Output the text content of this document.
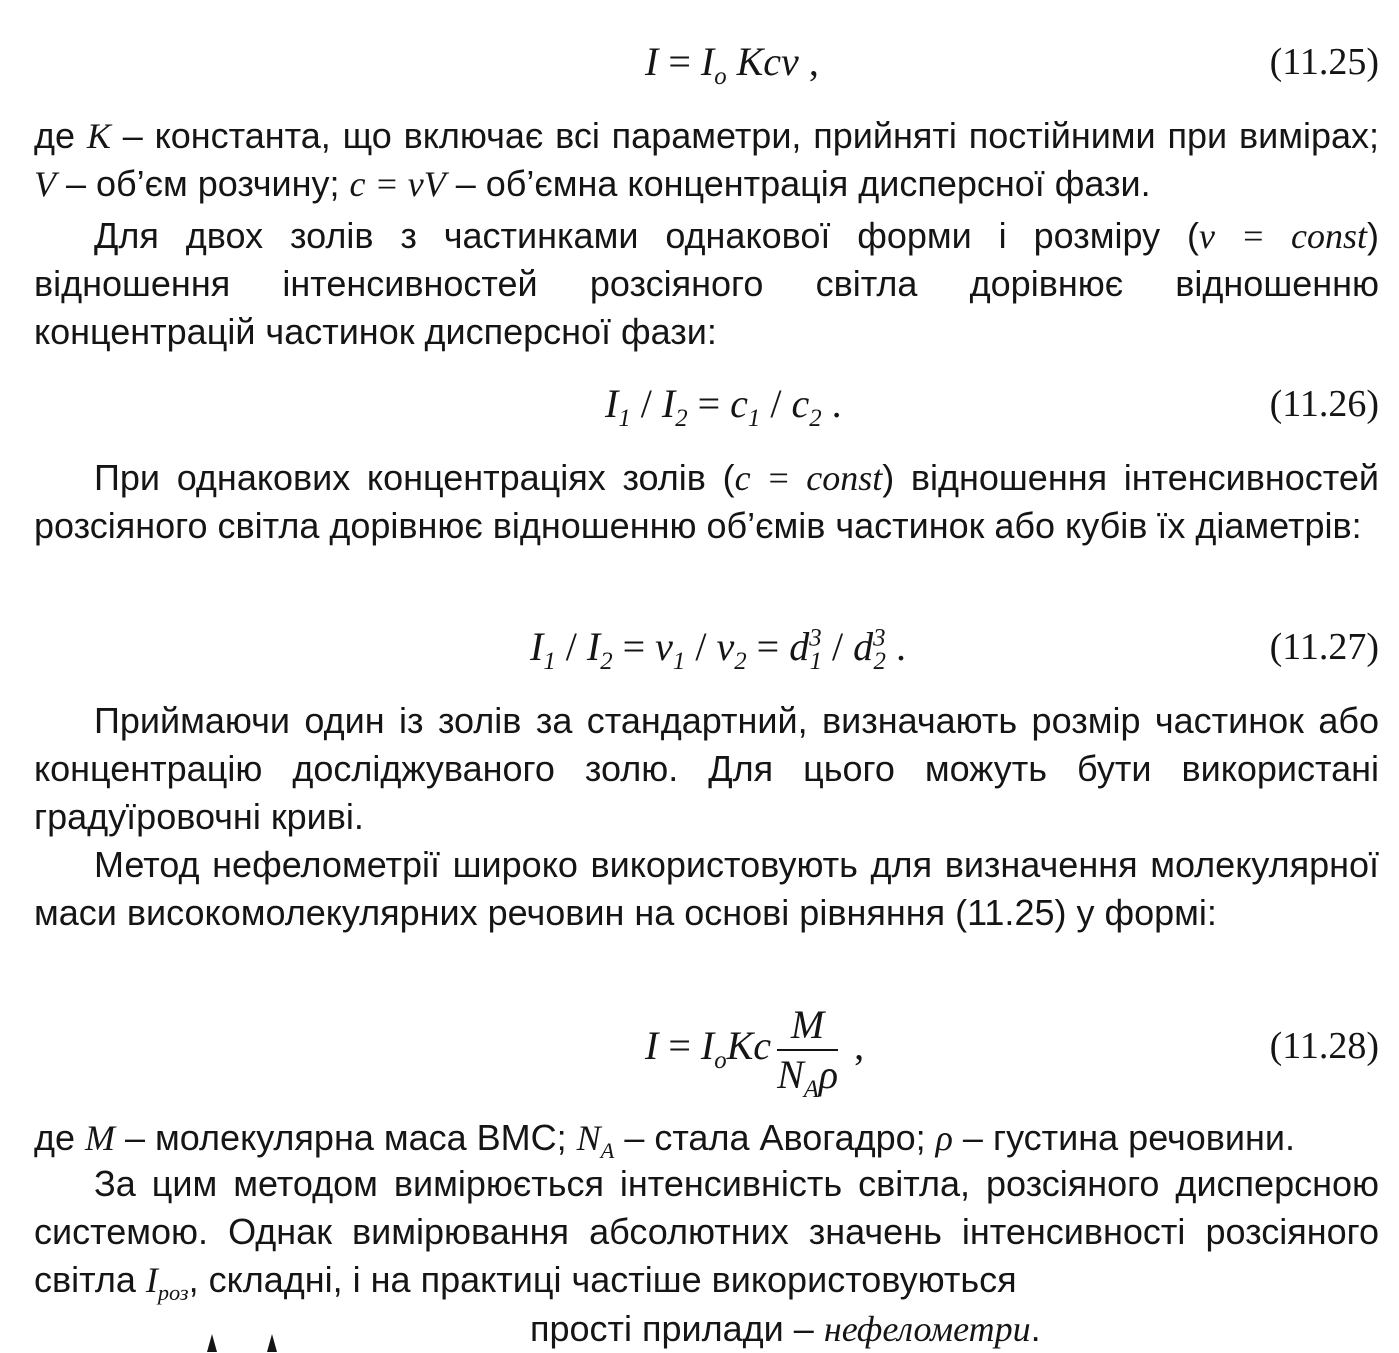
$I = I_o$ Kcv ,	(11.25)
де K – константа, що включає всі параметри, прийняті постійними при вимірах; V – об’єм розчину; c = vV – об’ємна концентрація дисперсної фази.
Для двох золів з частинками однакової форми і розміру (v = const) відношення інтенсивностей розсіяного світла дорівнює відношенню концентрацій частинок дисперсної фази:
$I_1 / I_2 = c_1 / c_2$ .	(11.26)
При однакових концентраціях золів (c = const) відношення інтенсивностей розсіяного світла дорівнює відношенню об’ємів частинок або кубів їх діаметрів:
$I_1 / I_2 = v_1 / v_2 = d^3_1 / d^3_2$ .	(11.27)
Приймаючи один із золів за стандартний, визначають розмір частинок або концентрацію досліджуваного золю. Для цього можуть бути використані градуїровочні криві.
Метод нефелометрії широко використовують для визначення молекулярної маси високомолекулярних речовин на основі рівняння (11.25) у формі:
$I = I_oKc \frac{M}{N_A\rho}$ ,	(11.28)
де M – молекулярна маса ВМС; $N_A$ – стала Авогадро; ρ – густина речовини.
За цим методом вимірюється інтенсивність світла, розсіяного дисперсною системою. Однак вимірювання абсолютних значень інтенсивності розсіяного світла $I_{роз}$, складні, і на практиці частіше використовуються
прості прилади – нефелометри.
